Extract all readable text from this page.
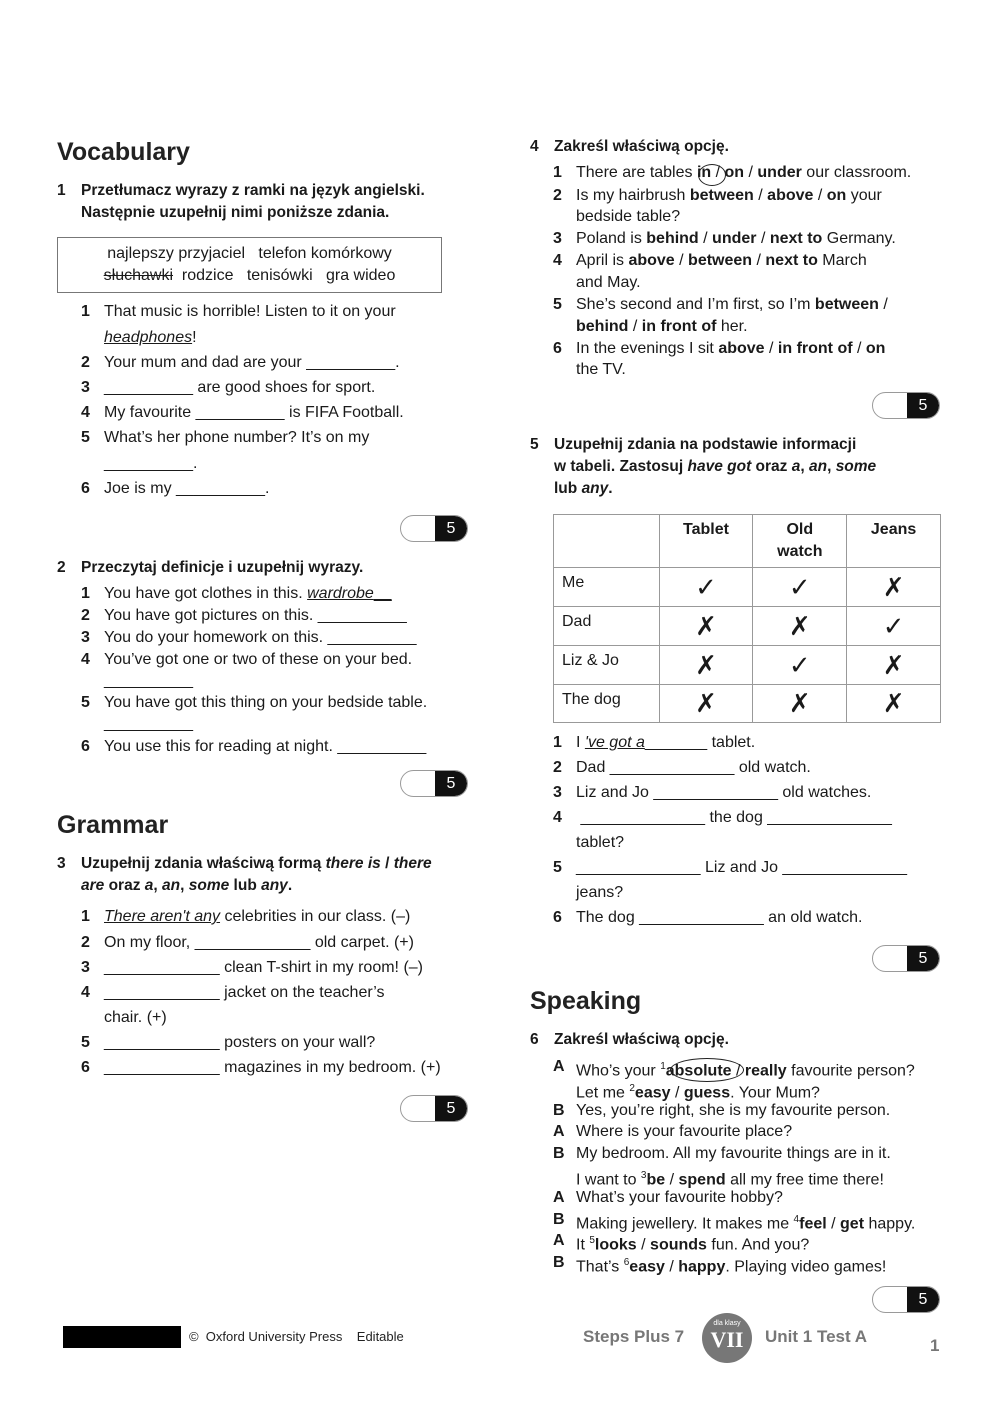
Vocabulary
1 Przetłumacz wyrazy z ramki na język angielski.
Następnie uzupełnij nimi poniższe zdania.
najlepszy przyjaciel   telefon komórkowy
słuchawki  rodzice   tenisówki   gra wideo
1 That music is horrible! Listen to it on your
headphones!
2 Your mum and dad are your __________.
3 __________ are good shoes for sport.
4 My favourite __________ is FIFA Football.
5 What’s her phone number? It’s on my
__________.
6 Joe is my __________.
5
2 Przeczytaj definicje i uzupełnij wyrazy.
1 You have got clothes in this. wardrobe__
2 You have got pictures on this. __________
3 You do your homework on this. __________
4 You’ve got one or two of these on your bed.
__________
5 You have got this thing on your bedside table.
__________
6 You use this for reading at night. __________
5
Grammar
3 Uzupełnij zdania właściwą formą there is / there
are oraz a, an, some lub any.
1 There aren't any celebrities in our class. (–)
2 On my floor, _____________ old carpet. (+)
3 _____________ clean T-shirt in my room! (–)
4 _____________ jacket on the teacher’s
chair. (+)
5 _____________ posters on your wall?
6 _____________ magazines in my bedroom. (+)
5
4 Zakreśl właściwą opcję.
1 There are tables in / on / under our classroom.
2 Is my hairbrush between / above / on your
bedside table?
3 Poland is behind / under / next to Germany.
4 April is above / between / next to March
and May.
5 She’s second and I’m first, so I’m between /
behind / in front of her.
6 In the evenings I sit above / in front of / on
the TV.
5
5 Uzupełnij zdania na podstawie informacji
w tabeli. Zastosuj have got oraz a, an, some
lub any.
	Tablet	Old
watch	Jeans
Me	✓	✓	✗
Dad	✗	✗	✓
Liz & Jo	✗	✓	✗
The dog	✗	✗	✗
1 I 've got a_______ tablet.
2 Dad ______________ old watch.
3 Liz and Jo ______________ old watches.
4 ______________ the dog ______________
tablet?
5 ______________ Liz and Jo ______________
jeans?
6 The dog ______________ an old watch.
5
Speaking
6 Zakreśl właściwą opcję.
A Who’s your $^1$absolute / really favourite person?
Let me $^2$easy / guess. Your Mum?
B Yes, you’re right, she is my favourite person.
A Where is your favourite place?
B My bedroom. All my favourite things are in it.
I want to $^3$be / spend all my free time there!
A What’s your favourite hobby?
B Making jewellery. It makes me $^4$feel / get happy.
A It $^5$looks / sounds fun. And you?
B That’s $^6$easy / happy. Playing video games!
5
©  Oxford University Press    Editable	Steps Plus 7
dla klasy
VII	Unit 1 Test A	1
